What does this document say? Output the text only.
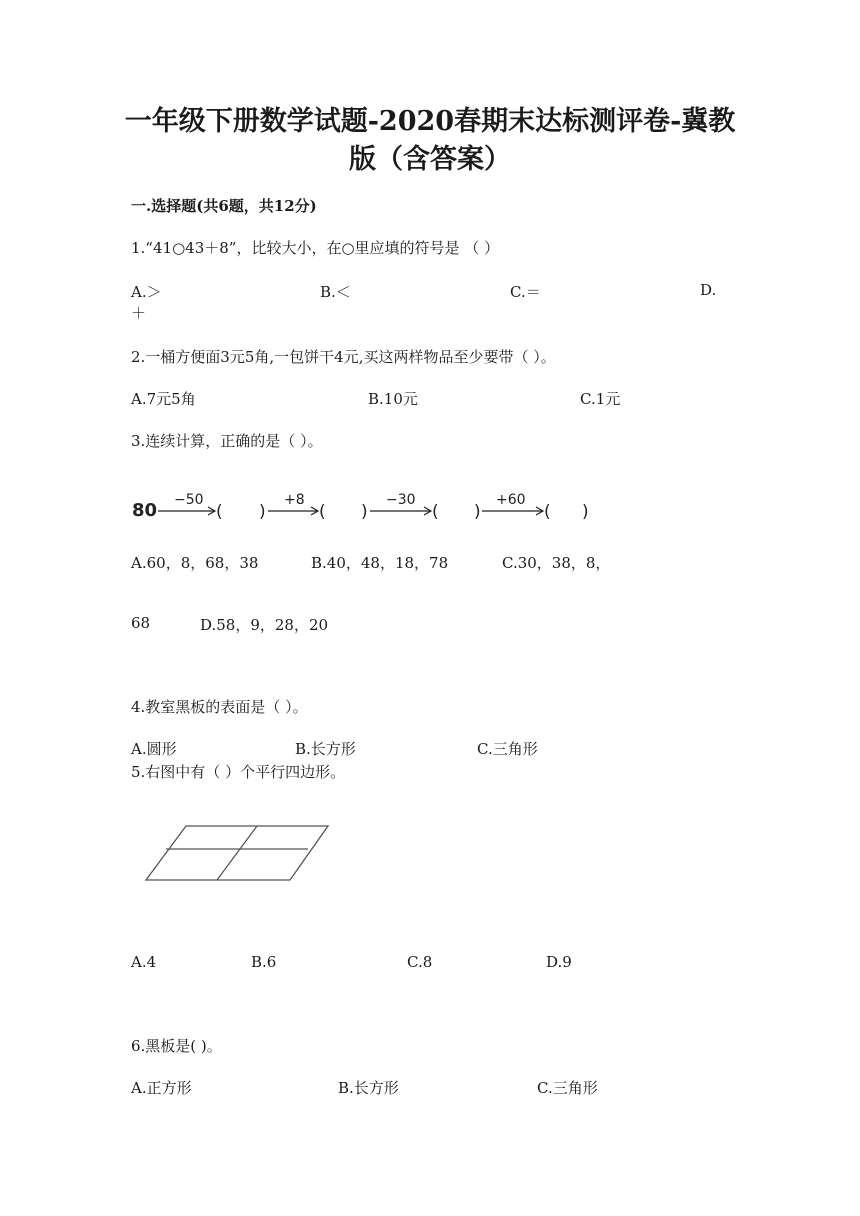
一年级下册数学试题-2020春期末达标测评卷-冀教
版（含答案）
一.选择题(共6题，共12分)
1.“41○43＋8”，比较大小，在○里应填的符号是 （ ）
A.＞	B.＜	C.＝	D.
＋
2.一桶方便面3元5角,一包饼干4元,买这两样物品至少要带（ ）。
A.7元5角	B.10元	C.1元
3.连续计算，正确的是（ ）。
80 −50
( )
+8
( )
−30
( )
+60
( )
A.60，8，68，38	B.40，48，18，78	C.30，38，8，
68	D.58，9，28，20
4.教室黑板的表面是（ ）。
A.圆形	B.长方形	C.三角形
5.右图中有（ ）个平行四边形。
A.4	B.6	C.8	D.9
6.黑板是( )。
A.正方形	B.长方形	C.三角形
